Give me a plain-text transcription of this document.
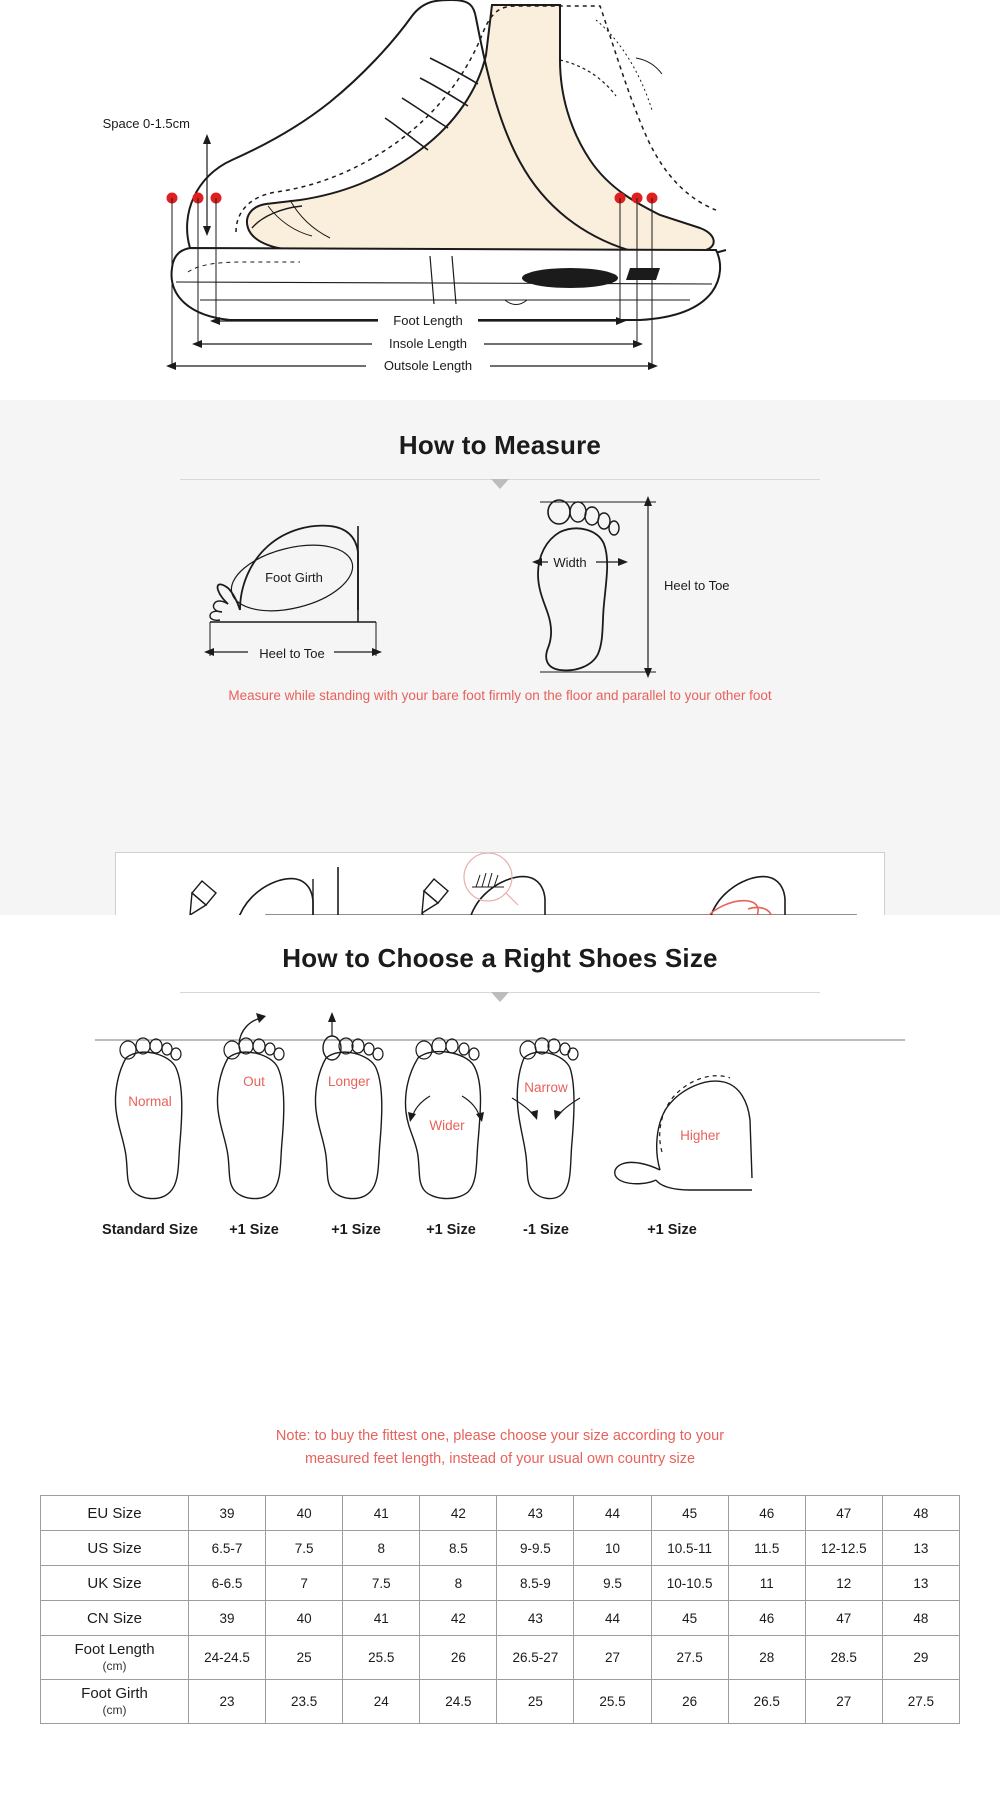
Space 0-1.5cm
Foot Length
Insole Length
Outsole Length
How to Measure
Foot Girth
Heel to Toe
Width
Heel to Toe

Measure while standing with your bare foot firmly on the floor and parallel to your other foot

How to Choose a Right Shoes Size
Normal
Out	Longer
Wider
Narrow
Higher
Standard Size +1 Size	+1 Size	+1 Size	-1 Size	+1 Size
Note: to buy the fittest one, please choose your size according to your
measured feet length, instead of your usual own country size
EU Size	39	40	41	42	43	44	45	46	47	48
US Size	6.5-7	7.5	8	8.5	9-9.5	10	10.5-11	11.5	12-12.5	13
UK Size	6-6.5	7	7.5	8	8.5-9	9.5	10-10.5	11	12	13
CN Size	39	40	41	42	43	44	45	46	47	48
Foot Length
(cm)	24-24.5	25	25.5	26	26.5-27	27	27.5	28	28.5	29
Foot Girth
(cm)	23	23.5	24	24.5	25	25.5	26	26.5	27	27.5
